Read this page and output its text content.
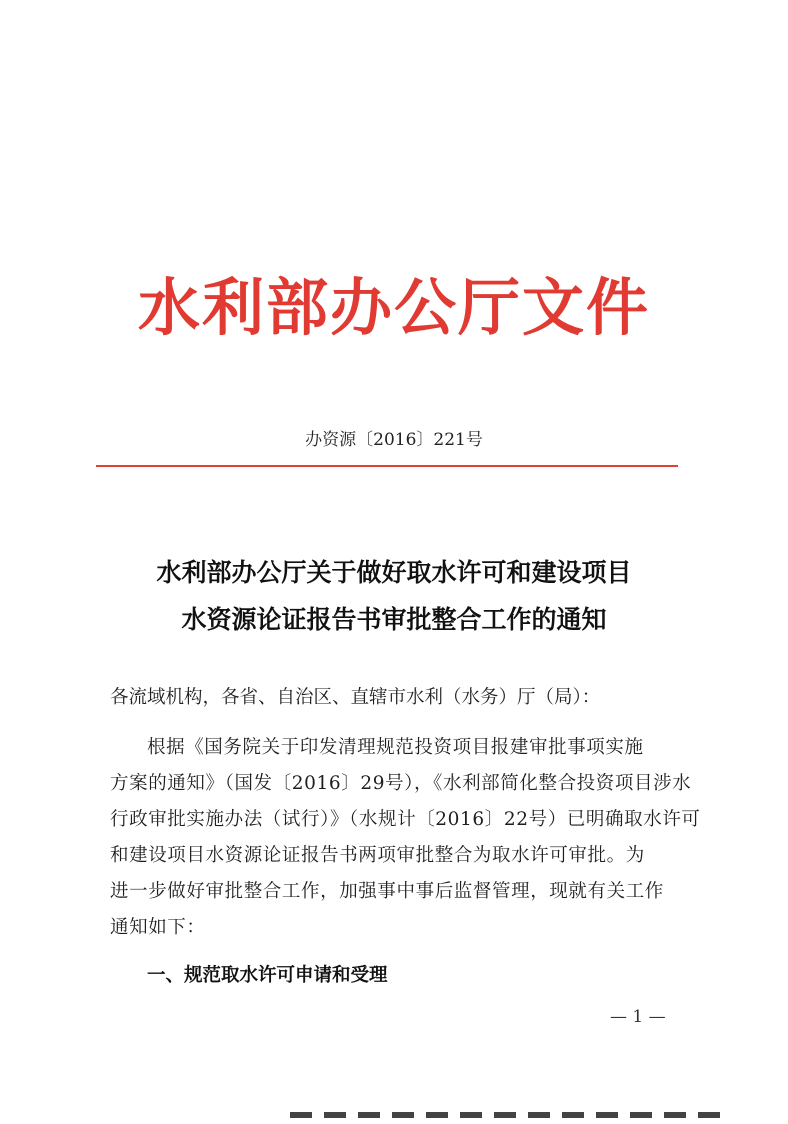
水利部办公厅文件
办资源〔2016〕221号
水利部办公厅关于做好取水许可和建设项目
水资源论证报告书审批整合工作的通知
各流域机构，各省、自治区、直辖市水利（水务）厅（局）：
根据《国务院关于印发清理规范投资项目报建审批事项实施
方案的通知》（国发〔2016〕29号），《水利部简化整合投资项目涉水
行政审批实施办法（试行）》（水规计〔2016〕22号）已明确取水许可
和建设项目水资源论证报告书两项审批整合为取水许可审批。为
进一步做好审批整合工作，加强事中事后监督管理，现就有关工作
通知如下：
一、规范取水许可申请和受理
— 1 —
